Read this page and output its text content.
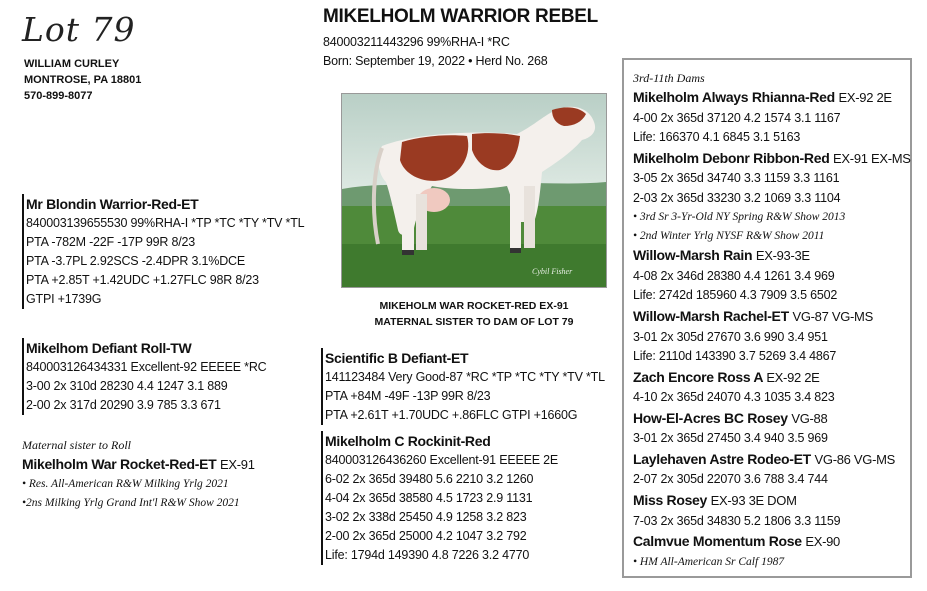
Lot 79
WILLIAM CURLEY
MONTROSE, PA 18801
570-899-8077
Mr Blondin Warrior-Red-ET
840003139655530 99%RHA-I *TP *TC *TY *TV *TL
PTA -782M -22F -17P 99R 8/23
PTA -3.7PL 2.92SCS -2.4DPR 3.1%DCE
PTA +2.85T +1.42UDC +1.27FLC 98R 8/23
GTPI +1739G
Mikelhom Defiant Roll-TW
840003126434331 Excellent-92 EEEEE *RC
3-00 2x 310d 28230 4.4 1247 3.1 889
2-00 2x 317d 20290 3.9 785 3.3 671
Maternal sister to Roll
Mikelholm War Rocket-Red-ET EX-91
• Res. All-American R&W Milking Yrlg 2021
•2ns Milking Yrlg Grand Int'l R&W Show 2021
MIKELHOLM WARRIOR REBEL
840003211443296 99%RHA-I *RC
Born: September 19, 2022 • Herd No. 268
Cybil Fisher
MIKEHOLM WAR ROCKET-RED EX-91
MATERNAL SISTER TO DAM OF LOT 79
Scientific B Defiant-ET
141123484 Very Good-87 *RC *TP *TC *TY *TV *TL
PTA +84M -49F -13P 99R 8/23
PTA +2.61T +1.70UDC +.86FLC GTPI +1660G
Mikelholm C Rockinit-Red
840003126436260 Excellent-91 EEEEE 2E
6-02 2x 365d 39480 5.6 2210 3.2 1260
4-04 2x 365d 38580 4.5 1723 2.9 1131
3-02 2x 338d 25450 4.9 1258 3.2 823
2-00 2x 365d 25000 4.2 1047 3.2 792
Life: 1794d 149390 4.8 7226 3.2 4770
3rd-11th Dams
Mikelholm Always Rhianna-Red EX-92 2E
4-00 2x 365d 37120 4.2 1574 3.1 1167
Life: 166370 4.1 6845 3.1 5163
Mikelholm Debonr Ribbon-Red EX-91 EX-MS
3-05 2x 365d 34740 3.3 1159 3.3 1161
2-03 2x 365d 33230 3.2 1069 3.3 1104
• 3rd Sr 3-Yr-Old NY Spring R&W Show 2013
• 2nd Winter Yrlg NYSF R&W Show 2011
Willow-Marsh Rain EX-93-3E
4-08 2x 346d 28380 4.4 1261 3.4 969
Life: 2742d 185960 4.3 7909 3.5 6502
Willow-Marsh Rachel-ET VG-87 VG-MS
3-01 2x 305d 27670 3.6 990 3.4 951
Life: 2110d 143390 3.7 5269 3.4 4867
Zach Encore Ross A EX-92 2E
4-10 2x 365d 24070 4.3 1035 3.4 823
How-El-Acres BC Rosey VG-88
3-01 2x 365d 27450 3.4 940 3.5 969
Laylehaven Astre Rodeo-ET VG-86 VG-MS
2-07 2x 305d 22070 3.6 788 3.4 744
Miss Rosey EX-93 3E DOM
7-03 2x 365d 34830 5.2 1806 3.3 1159
Calmvue Momentum Rose EX-90
• HM All-American Sr Calf 1987
